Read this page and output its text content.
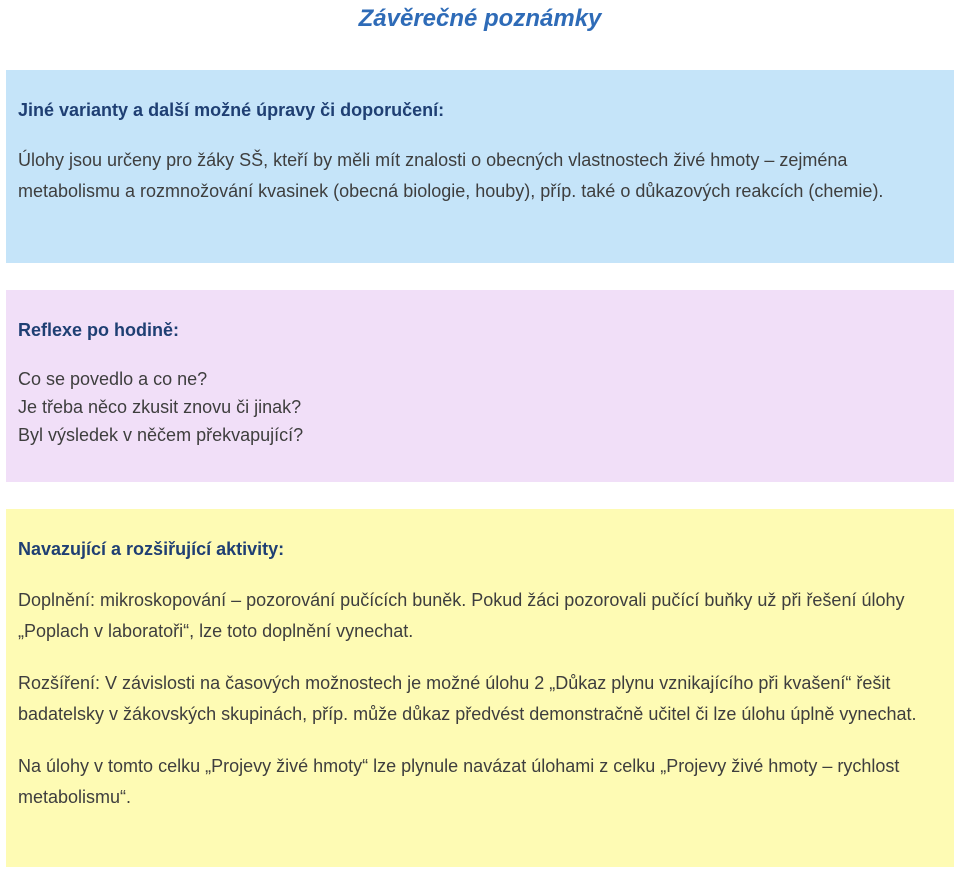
Závěrečné poznámky

Jiné varianty a další možné úpravy či doporučení:

Úlohy jsou určeny pro žáky SŠ, kteří by měli mít znalosti o obecných vlastnostech živé hmoty – zejména metabolismu a rozmnožování kvasinek (obecná biologie, houby), příp. také o důkazových reakcích (chemie).

Reflexe po hodině:

Co se povedlo a co ne?

Je třeba něco zkusit znovu či jinak?

Byl výsledek v něčem překvapující?

Navazující a rozšiřující aktivity:

Doplnění: mikroskopování – pozorování pučících buněk. Pokud žáci pozorovali pučící buňky už při řešení úlohy „Poplach v laboratoři“, lze toto doplnění vynechat.

Rozšíření: V závislosti na časových možnostech je možné úlohu 2 „Důkaz plynu vznikajícího při kvašení“ řešit badatelsky v žákovských skupinách, příp. může důkaz předvést demonstračně učitel či lze úlohu úplně vynechat.

Na úlohy v tomto celku „Projevy živé hmoty“ lze plynule navázat úlohami z celku „Projevy živé hmoty – rychlost metabolismu“.
